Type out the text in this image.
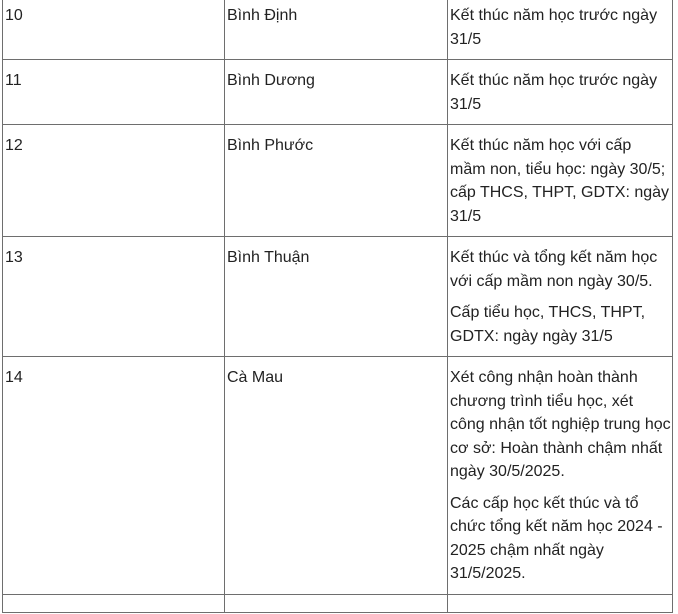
10	Bình Định	Kết thúc năm học trước ngày 31/5

11	Bình Dương	Kết thúc năm học trước ngày 31/5

12	Bình Phước	Kết thúc năm học với cấp mầm non, tiểu học: ngày 30/5; cấp THCS, THPT, GDTX: ngày 31/5

13	Bình Thuận	Kết thúc và tổng kết năm học với cấp mầm non ngày 30/5.

Cấp tiểu học, THCS, THPT, GDTX: ngày ngày 31/5

14	Cà Mau	Xét công nhận hoàn thành chương trình tiểu học, xét công nhận tốt nghiệp trung học cơ sở: Hoàn thành chậm nhất ngày 30/5/2025.

Các cấp học kết thúc và tổ chức tổng kết năm học 2024 - 2025 chậm nhất ngày 31/5/2025.
